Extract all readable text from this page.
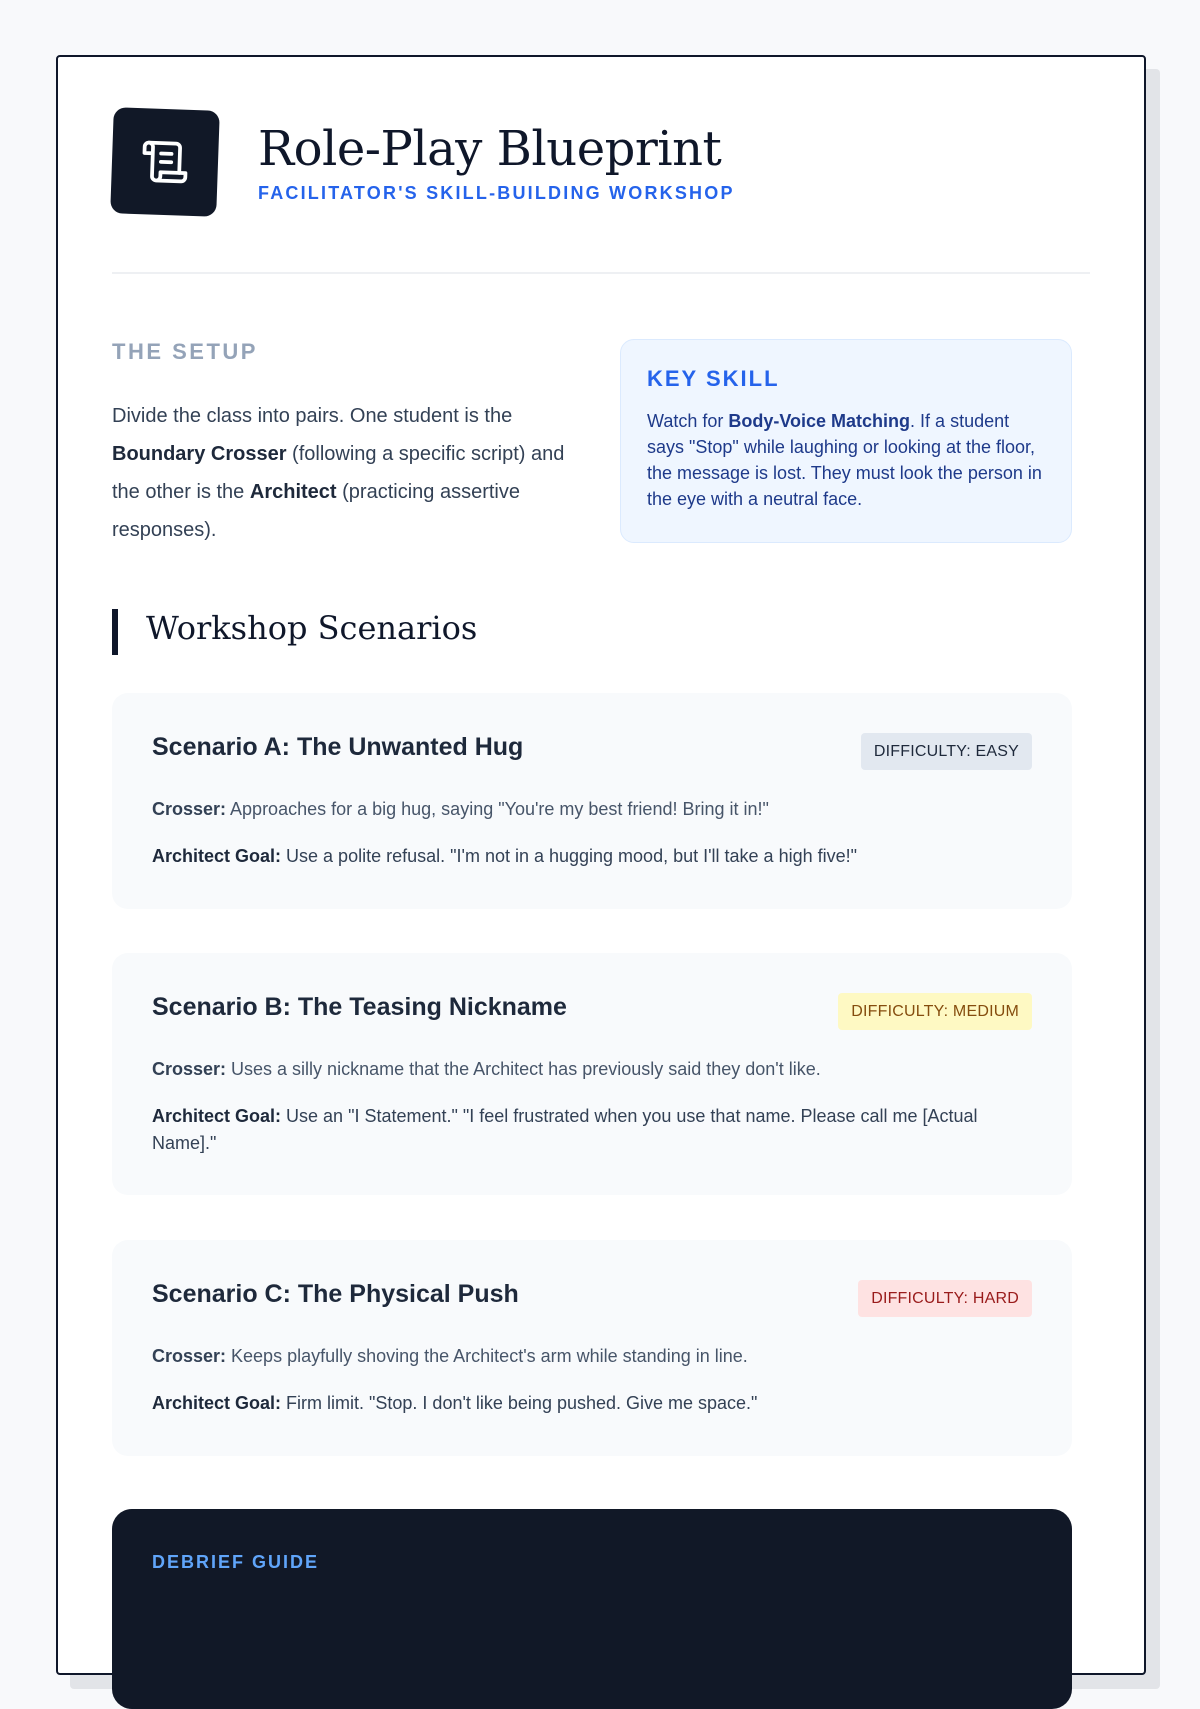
Role-Play Blueprint
FACILITATOR'S SKILL-BUILDING WORKSHOP
THE SETUP
Divide the class into pairs. One student is the Boundary Crosser (following a specific script) and the other is the Architect (practicing assertive responses).
KEY SKILL
Watch for Body-Voice Matching. If a student says "Stop" while laughing or looking at the floor, the message is lost. They must look the person in the eye with a neutral face.
Workshop Scenarios
Scenario A: The Unwanted Hug	DIFFICULTY: EASY
Crosser: Approaches for a big hug, saying "You're my best friend! Bring it in!"
Architect Goal: Use a polite refusal. "I'm not in a hugging mood, but I'll take a high five!"
Scenario B: The Teasing Nickname	DIFFICULTY: MEDIUM
Crosser: Uses a silly nickname that the Architect has previously said they don't like.
Architect Goal: Use an "I Statement." "I feel frustrated when you use that name. Please call me [Actual Name]."
Scenario C: The Physical Push	DIFFICULTY: HARD
Crosser: Keeps playfully shoving the Architect's arm while standing in line.
Architect Goal: Firm limit. "Stop. I don't like being pushed. Give me space."
DEBRIEF GUIDE
